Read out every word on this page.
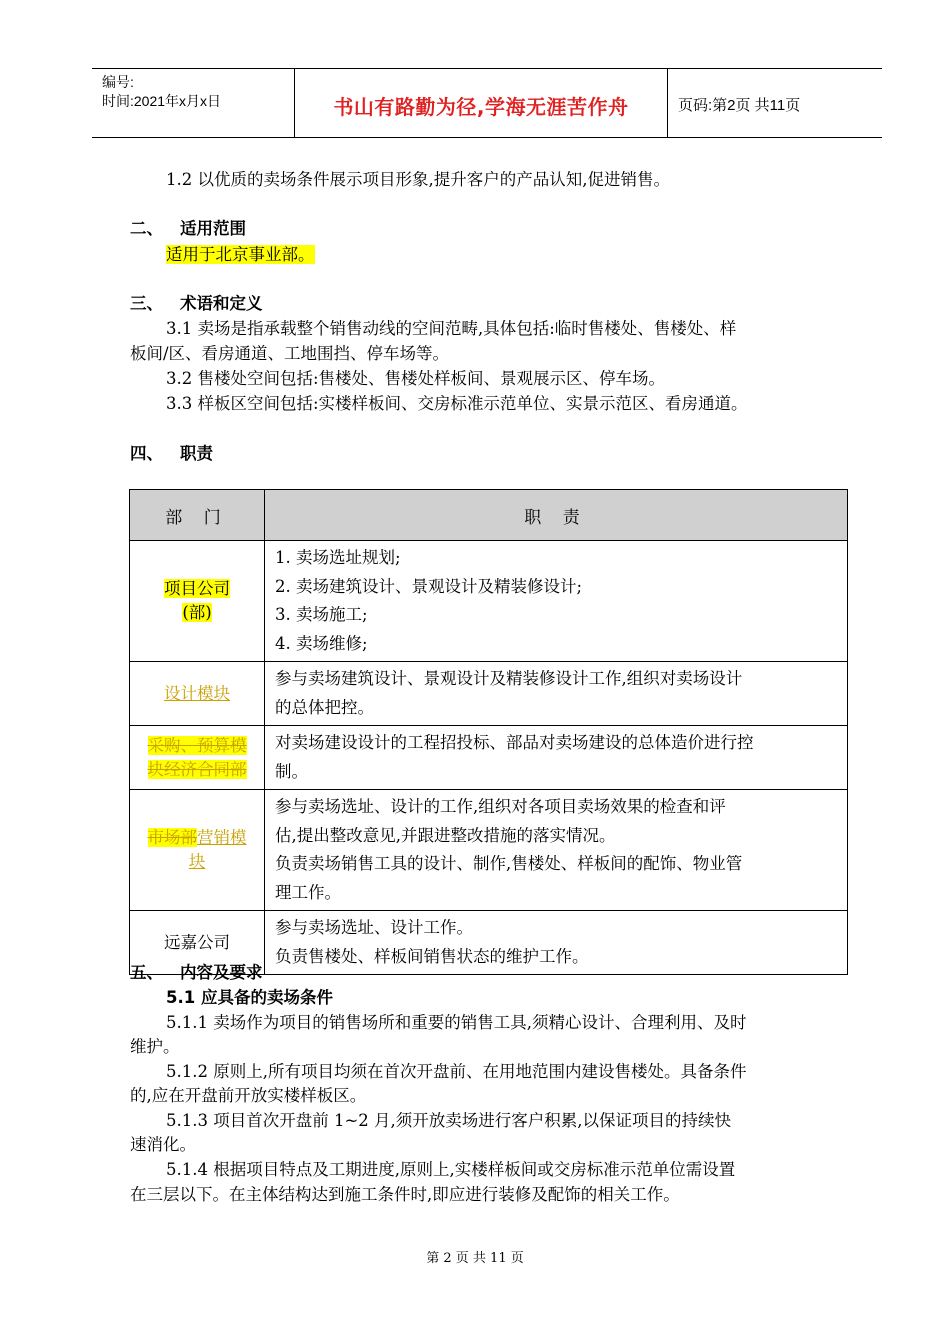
编号:
时间:2021年x月x日	书山有路勤为径,学海无涯苦作舟	页码:第2页 共11页
1.2 以优质的卖场条件展示项目形象,提升客户的产品认知,促进销售。
二、 适用范围
适用于北京事业部。
三、 术语和定义
3.1 卖场是指承载整个销售动线的空间范畴,具体包括:临时售楼处、售楼处、样
板间/区、看房通道、工地围挡、停车场等。
3.2 售楼处空间包括:售楼处、售楼处样板间、景观展示区、停车场。
3.3 样板区空间包括:实楼样板间、交房标准示范单位、实景示范区、看房通道。
四、 职责
部 门	职 责
项目公司
(部)	1. 卖场选址规划;
2. 卖场建筑设计、景观设计及精装修设计;
3. 卖场施工;
4. 卖场维修;

设计模块	参与卖场建筑设计、景观设计及精装修设计工作,组织对卖场设计
的总体把控。

采购、预算模
块经济合同部	对卖场建设设计的工程招投标、部品对卖场建设的总体造价进行控
制。

市场部营销模
块	参与卖场选址、设计的工作,组织对各项目卖场效果的检查和评
估,提出整改意见,并跟进整改措施的落实情况。
负责卖场销售工具的设计、制作,售楼处、样板间的配饰、物业管
理工作。

远嘉公司	参与卖场选址、设计工作。
负责售楼处、样板间销售状态的维护工作。
五、 内容及要求
5.1 应具备的卖场条件
5.1.1 卖场作为项目的销售场所和重要的销售工具,须精心设计、合理利用、及时
维护。
5.1.2 原则上,所有项目均须在首次开盘前、在用地范围内建设售楼处。具备条件
的,应在开盘前开放实楼样板区。
5.1.3 项目首次开盘前 1~2 月,须开放卖场进行客户积累,以保证项目的持续快
速消化。
5.1.4 根据项目特点及工期进度,原则上,实楼样板间或交房标准示范单位需设置
在三层以下。在主体结构达到施工条件时,即应进行装修及配饰的相关工作。
第 2 页 共 11 页
